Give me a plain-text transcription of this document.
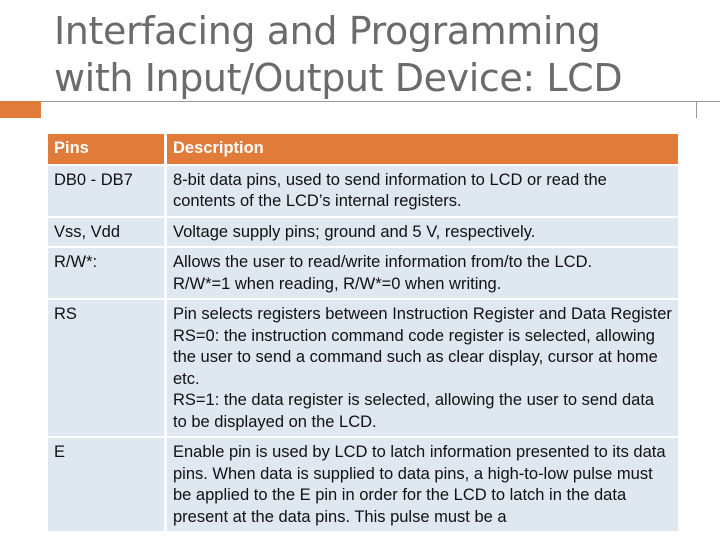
Interfacing and Programming
with Input/Output Device: LCD
Pins	Description
DB0 - DB7	8-bit data pins, used to send information to LCD or read the contents of the LCD’s internal registers.

Vss, Vdd	Voltage supply pins; ground and 5 V, respectively.

R/W*:	Allows the user to read/write information from/to the LCD.
R/W*=1 when reading, R/W*=0 when writing.

RS	Pin selects registers between Instruction Register and Data Register
RS=0: the instruction command code register is selected, allowing the user to send a command such as clear display, cursor at home etc.
RS=1: the data register is selected, allowing the user to send data to be displayed on the LCD.

E	Enable pin is used by LCD to latch information presented to its data pins. When data is supplied to data pins, a high-to-low pulse must be applied to the E pin in order for the LCD to latch in the data present at the data pins. This pulse must be a
